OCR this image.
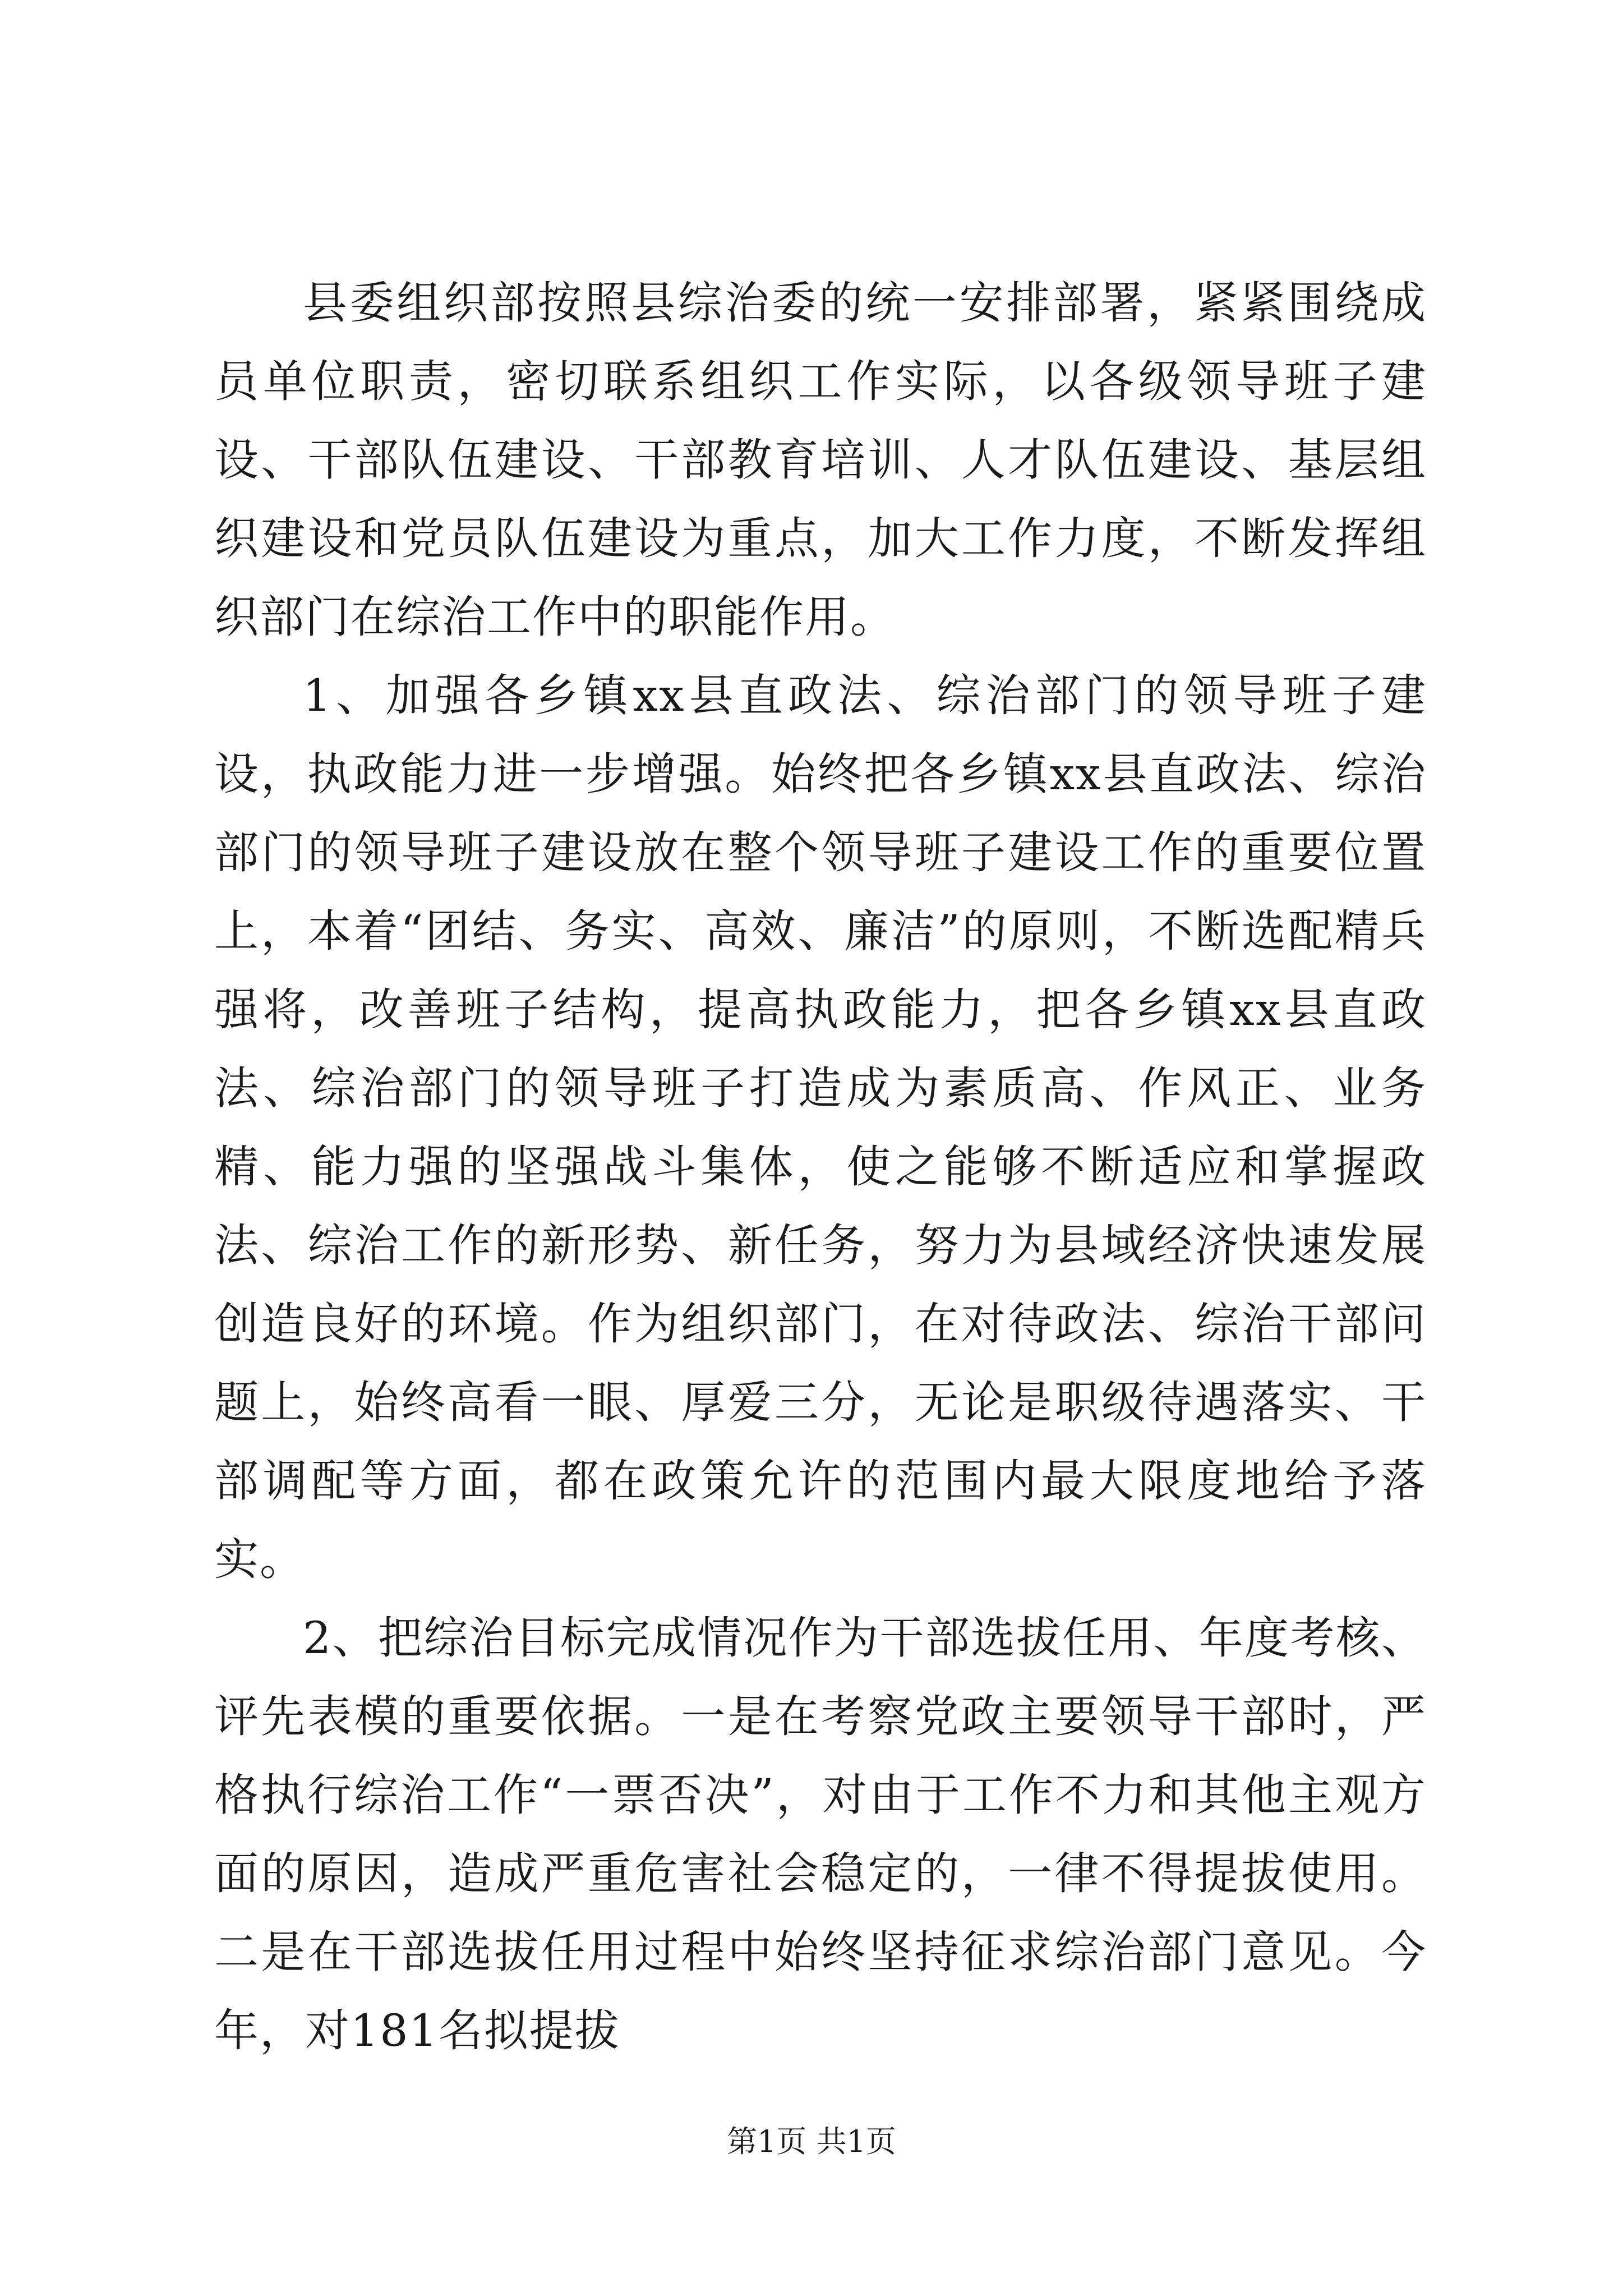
县委组织部按照县综治委的统一安排部署，紧紧围绕成员单位职责，密切联系组织工作实际，以各级领导班子建设、干部队伍建设、干部教育培训、人才队伍建设、基层组织建设和党员队伍建设为重点，加大工作力度，不断发挥组织部门在综治工作中的职能作用。

1、加强各乡镇xx县直政法、综治部门的领导班子建设，执政能力进一步增强。始终把各乡镇xx县直政法、综治部门的领导班子建设放在整个领导班子建设工作的重要位置上，本着“团结、务实、高效、廉洁”的原则，不断选配精兵强将，改善班子结构，提高执政能力，把各乡镇xx县直政法、综治部门的领导班子打造成为素质高、作风正、业务精、能力强的坚强战斗集体，使之能够不断适应和掌握政法、综治工作的新形势、新任务，努力为县域经济快速发展创造良好的环境。作为组织部门，在对待政法、综治干部问题上，始终高看一眼、厚爱三分，无论是职级待遇落实、干部调配等方面，都在政策允许的范围内最大限度地给予落实。

2、把综治目标完成情况作为干部选拔任用、年度考核、评先表模的重要依据。一是在考察党政主要领导干部时，严格执行综治工作“一票否决”，对由于工作不力和其他主观方面的原因，造成严重危害社会稳定的，一律不得提拔使用。二是在干部选拔任用过程中始终坚持征求综治部门意见。今年，对181名拟提拔

第1页 共1页
